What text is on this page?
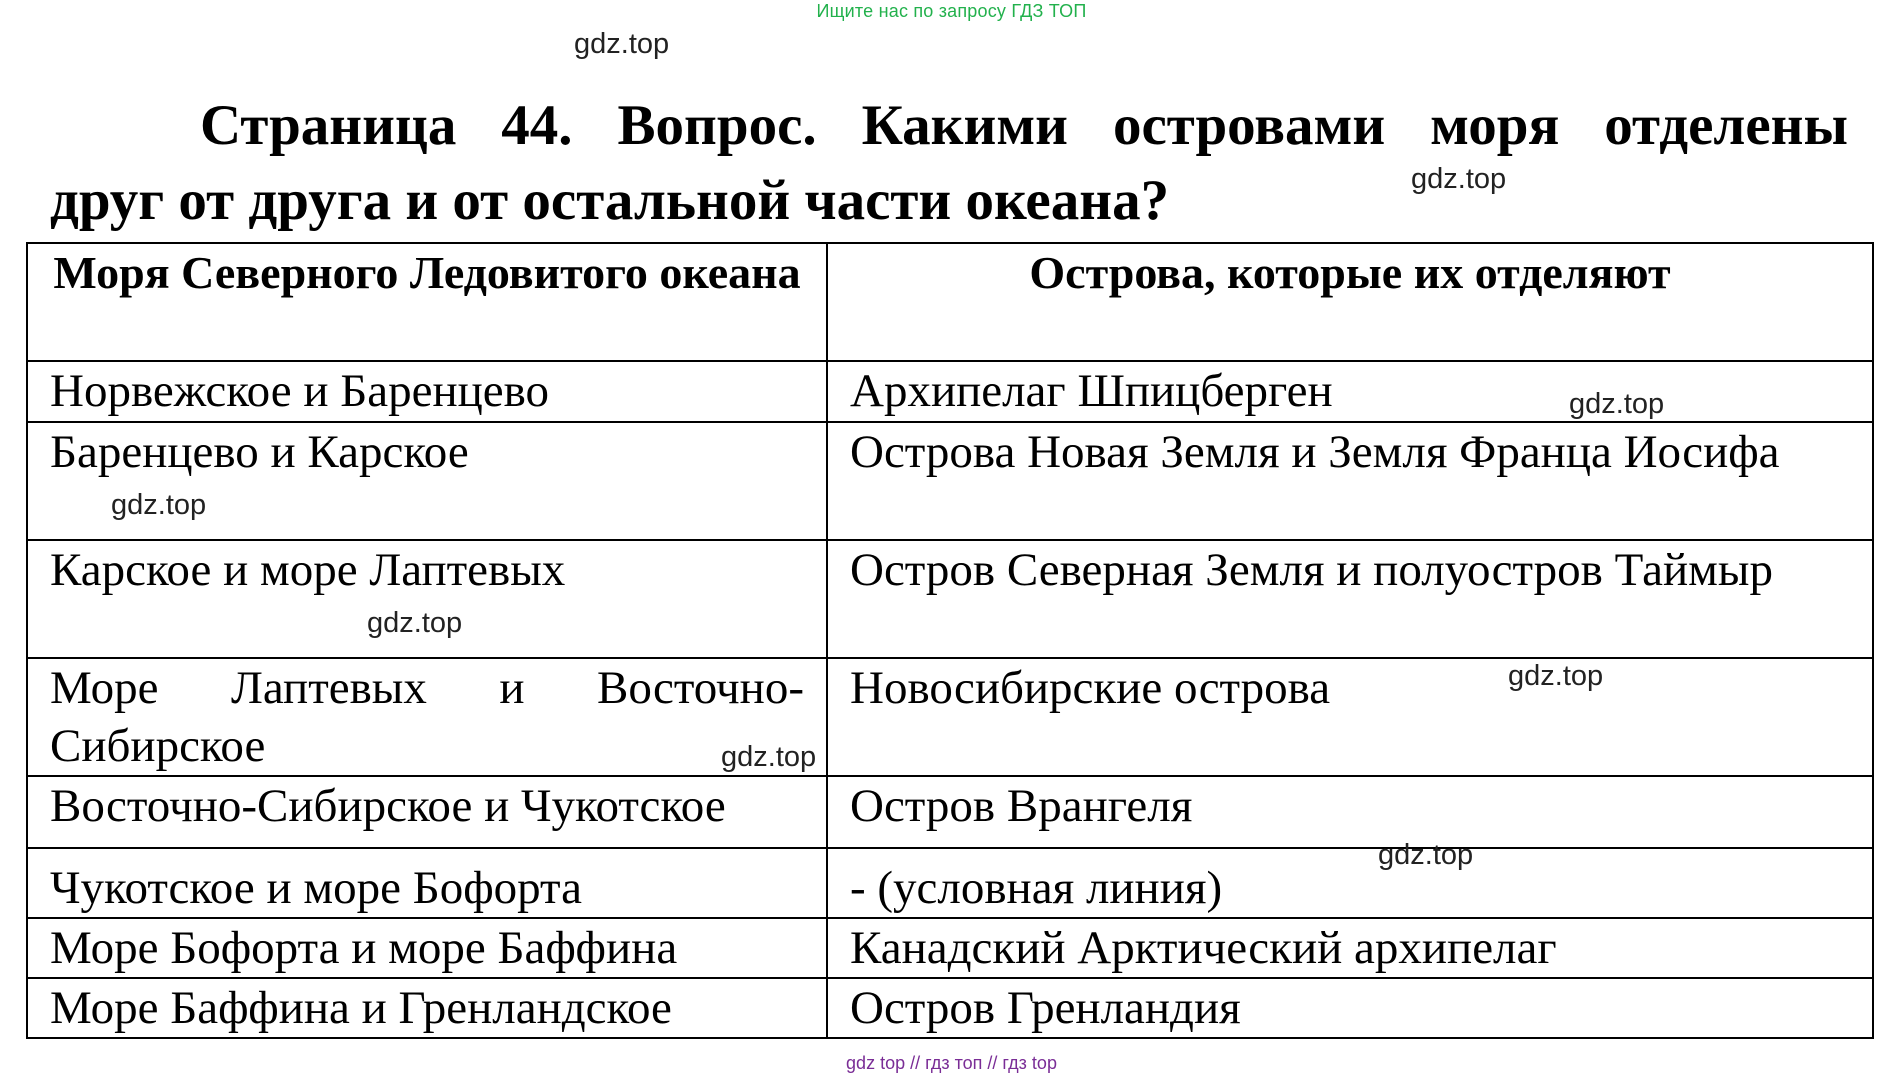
Ищите нас по запросу ГДЗ ТОП
Страница 44. Вопрос. Какими островами моря отделены
друг от друга и от остальной части океана?
Моря Северного Ледовитого океана	Острова, которые их отделяют
Норвежское и Баренцево	Архипелаг Шпицберген
Баренцево и Карское	Острова Новая Земля и Земля Франца Иосифа

Карское и море Лаптевых	Остров Северная Земля и полуостров Таймыр

Море Лаптевых и Восточно-Сибирское	Новосибирские острова
Восточно-Сибирское и Чукотское	Остров Врангеля
Чукотское и море Бофорта	- (условная линия)
Море Бофорта и море Баффина	Канадский Арктический архипелаг
Море Баффина и Гренландское	Остров Гренландия
gdz.top
gdz.top
gdz.top
gdz.top
gdz.top
gdz.top
gdz.top
gdz.top
gdz top // гдз топ // гдз top
